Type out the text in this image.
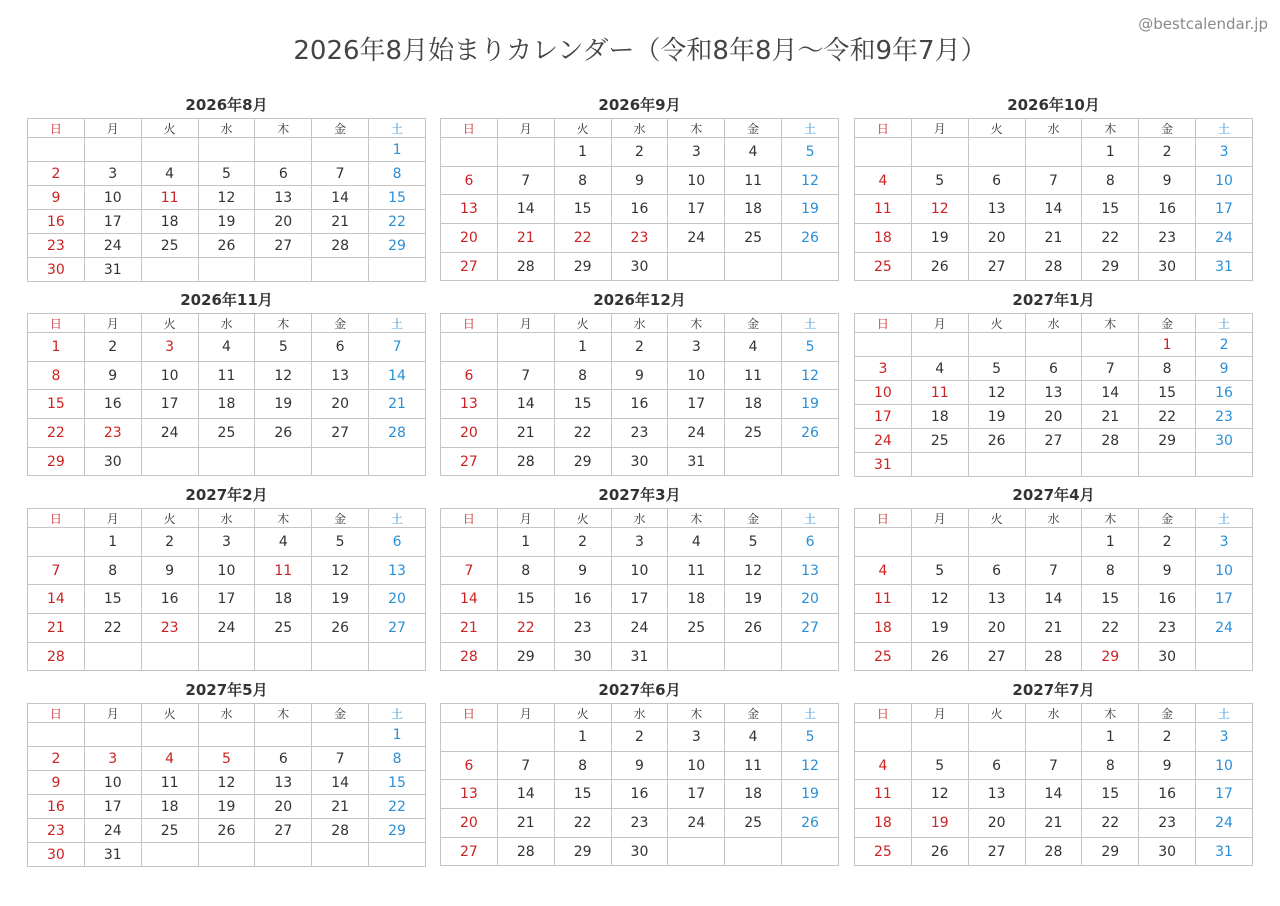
@bestcalendar.jp
2026年8月始まりカレンダー（令和8年8月〜令和9年7月）
2026年8月
日	月	火	水	木	金	土
						1
2	3	4	5	6	7	8
9	10	11	12	13	14	15
16	17	18	19	20	21	22
23	24	25	26	27	28	29
30	31					
2026年9月
日	月	火	水	木	金	土
		1	2	3	4	5
6	7	8	9	10	11	12
13	14	15	16	17	18	19
20	21	22	23	24	25	26
27	28	29	30			
2026年10月
日	月	火	水	木	金	土
				1	2	3
4	5	6	7	8	9	10
11	12	13	14	15	16	17
18	19	20	21	22	23	24
25	26	27	28	29	30	31
2026年11月
日	月	火	水	木	金	土
1	2	3	4	5	6	7
8	9	10	11	12	13	14
15	16	17	18	19	20	21
22	23	24	25	26	27	28
29	30					
2026年12月
日	月	火	水	木	金	土
		1	2	3	4	5
6	7	8	9	10	11	12
13	14	15	16	17	18	19
20	21	22	23	24	25	26
27	28	29	30	31		
2027年1月
日	月	火	水	木	金	土
					1	2
3	4	5	6	7	8	9
10	11	12	13	14	15	16
17	18	19	20	21	22	23
24	25	26	27	28	29	30
31						
2027年2月
日	月	火	水	木	金	土
	1	2	3	4	5	6
7	8	9	10	11	12	13
14	15	16	17	18	19	20
21	22	23	24	25	26	27
28						
2027年3月
日	月	火	水	木	金	土
	1	2	3	4	5	6
7	8	9	10	11	12	13
14	15	16	17	18	19	20
21	22	23	24	25	26	27
28	29	30	31			
2027年4月
日	月	火	水	木	金	土
				1	2	3
4	5	6	7	8	9	10
11	12	13	14	15	16	17
18	19	20	21	22	23	24
25	26	27	28	29	30	
2027年5月
日	月	火	水	木	金	土
						1
2	3	4	5	6	7	8
9	10	11	12	13	14	15
16	17	18	19	20	21	22
23	24	25	26	27	28	29
30	31					
2027年6月
日	月	火	水	木	金	土
		1	2	3	4	5
6	7	8	9	10	11	12
13	14	15	16	17	18	19
20	21	22	23	24	25	26
27	28	29	30			
2027年7月
日	月	火	水	木	金	土
				1	2	3
4	5	6	7	8	9	10
11	12	13	14	15	16	17
18	19	20	21	22	23	24
25	26	27	28	29	30	31
